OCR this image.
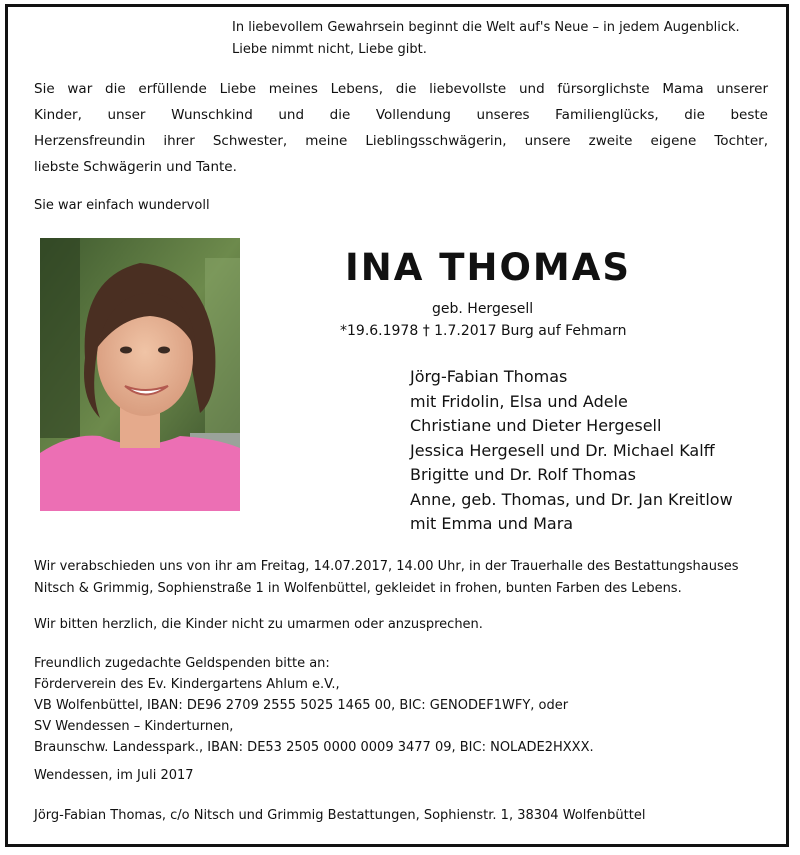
In liebevollem Gewahrsein beginnt die Welt auf's Neue – in jedem Augenblick.
Liebe nimmt nicht, Liebe gibt.
Sie war die erfüllende Liebe meines Lebens, die liebevollste und fürsorglichste Mama unserer
Kinder, unser Wunschkind und die Vollendung unseres Familienglücks, die beste
Herzensfreundin ihrer Schwester, meine Lieblingsschwägerin, unsere zweite eigene Tochter,
liebste Schwägerin und Tante.
Sie war einfach wundervoll
INA THOMAS
geb. Hergesell
*19.6.1978 † 1.7.2017 Burg auf Fehmarn
Jörg-Fabian Thomas
mit Fridolin, Elsa und Adele
Christiane und Dieter Hergesell
Jessica Hergesell und Dr. Michael Kalff
Brigitte und Dr. Rolf Thomas
Anne, geb. Thomas, und Dr. Jan Kreitlow
mit Emma und Mara
Wir verabschieden uns von ihr am Freitag, 14.07.2017, 14.00 Uhr, in der Trauerhalle des Bestattungshauses Nitsch & Grimmig, Sophienstraße 1 in Wolfenbüttel, gekleidet in frohen, bunten Farben des Lebens.
Wir bitten herzlich, die Kinder nicht zu umarmen oder anzusprechen.
Freundlich zugedachte Geldspenden bitte an:
Förderverein des Ev. Kindergartens Ahlum e.V.,
VB Wolfenbüttel, IBAN: DE96 2709 2555 5025 1465 00, BIC: GENODEF1WFY, oder
SV Wendessen – Kinderturnen,
Braunschw. Landesspark., IBAN: DE53 2505 0000 0009 3477 09, BIC: NOLADE2HXXX.
Wendessen, im Juli 2017
Jörg-Fabian Thomas, c/o Nitsch und Grimmig Bestattungen, Sophienstr. 1, 38304 Wolfenbüttel
